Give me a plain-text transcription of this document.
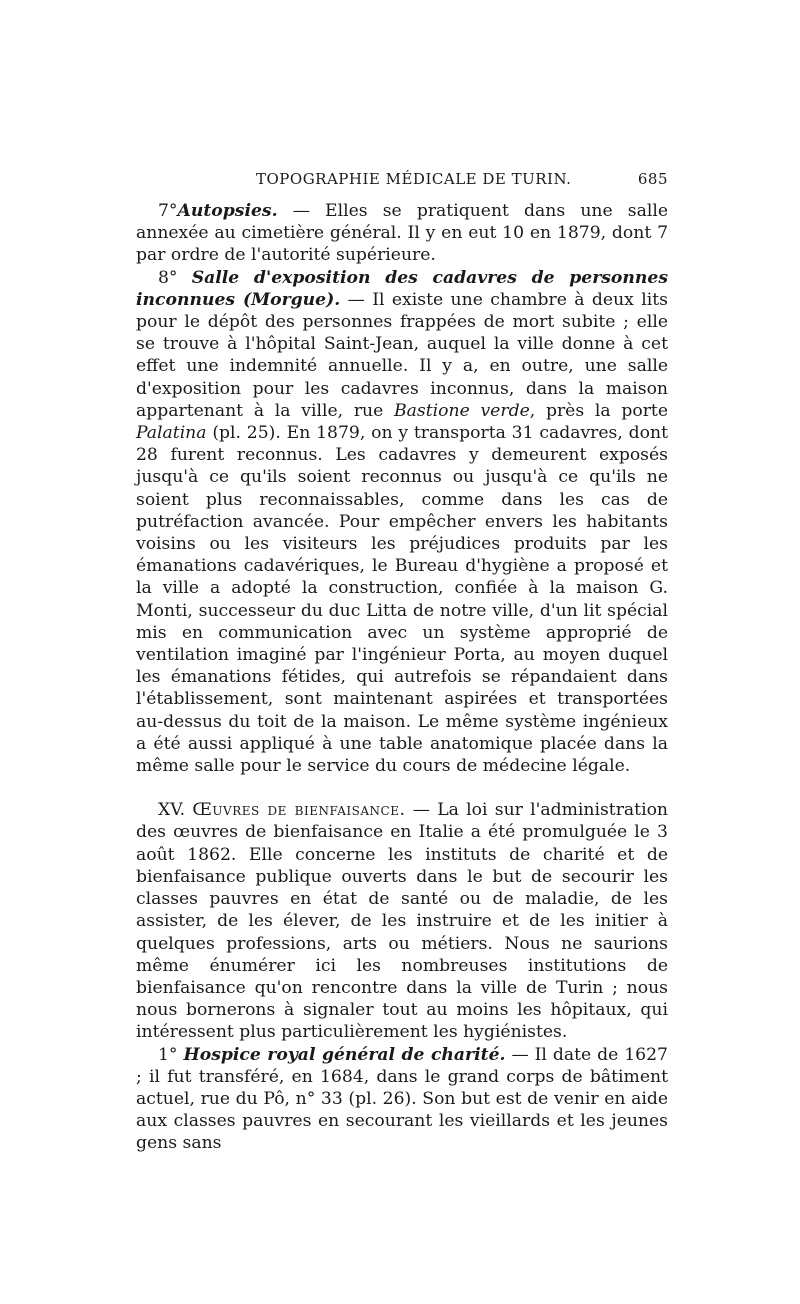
TOPOGRAPHIE MÉDICALE DE TURIN.	685

7°Autopsies. — Elles se pratiquent dans une salle annexée au cimetière général. Il y en eut 10 en 1879, dont 7 par ordre de l'autorité supérieure.

8° Salle d'exposition des cadavres de personnes inconnues (Morgue). — Il existe une chambre à deux lits pour le dépôt des personnes frappées de mort subite ; elle se trouve à l'hôpital Saint-Jean, auquel la ville donne à cet effet une indemnité annuelle. Il y a, en outre, une salle d'exposition pour les cadavres inconnus, dans la maison appartenant à la ville, rue Bastione verde, près la porte Palatina (pl. 25). En 1879, on y transporta 31 cadavres, dont 28 furent reconnus. Les cadavres y demeurent exposés jusqu'à ce qu'ils soient reconnus ou jusqu'à ce qu'ils ne soient plus reconnaissables, comme dans les cas de putréfaction avancée. Pour empêcher envers les habitants voisins ou les visiteurs les préjudices produits par les émanations cadavériques, le Bureau d'hygiène a proposé et la ville a adopté la construction, confiée à la maison G. Monti, successeur du duc Litta de notre ville, d'un lit spécial mis en communication avec un système approprié de ventilation imaginé par l'ingénieur Porta, au moyen duquel les émanations fétides, qui autrefois se répandaient dans l'établissement, sont maintenant aspirées et transportées au-dessus du toit de la maison. Le même système ingénieux a été aussi appliqué à une table anatomique placée dans la même salle pour le service du cours de médecine légale.

XV. Œuvres de bienfaisance. — La loi sur l'administration des œuvres de bienfaisance en Italie a été promulguée le 3 août 1862. Elle concerne les instituts de charité et de bienfaisance publique ouverts dans le but de secourir les classes pauvres en état de santé ou de maladie, de les assister, de les élever, de les instruire et de les initier à quelques professions, arts ou métiers. Nous ne saurions même énumérer ici les nombreuses institutions de bienfaisance qu'on rencontre dans la ville de Turin ; nous nous bornerons à signaler tout au moins les hôpitaux, qui intéressent plus particulièrement les hygiénistes.

1° Hospice royal général de charité. — Il date de 1627 ; il fut transféré, en 1684, dans le grand corps de bâtiment actuel, rue du Pô, n° 33 (pl. 26). Son but est de venir en aide aux classes pauvres en secourant les vieillards et les jeunes gens sans
